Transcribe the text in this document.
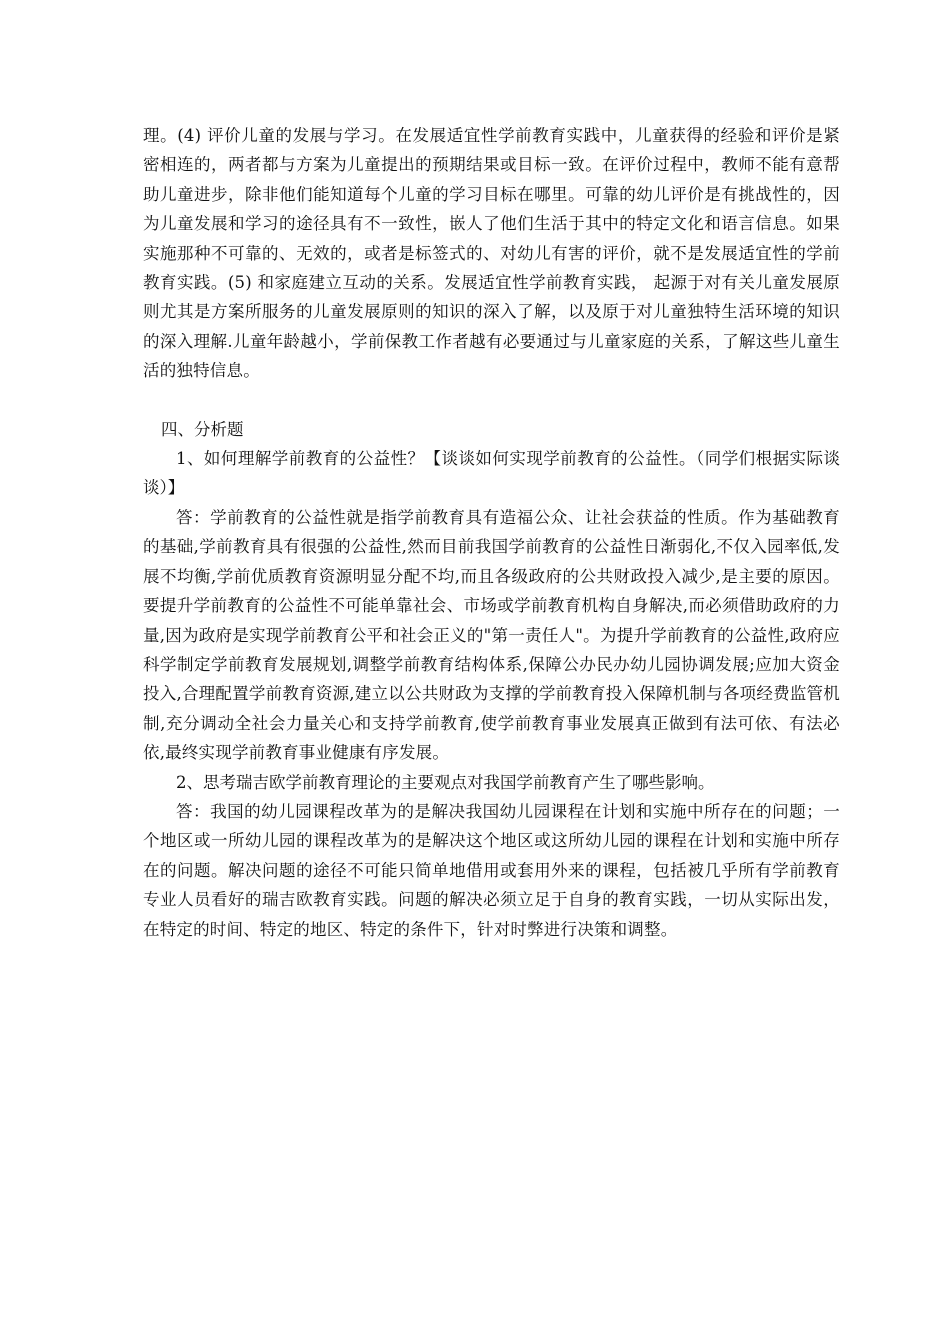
理。(4) 评价儿童的发展与学习。在发展适宜性学前教育实践中，儿童获得的经验和评价是紧密相连的，两者都与方案为儿童提出的预期结果或目标一致。在评价过程中，教师不能有意帮助儿童进步，除非他们能知道每个儿童的学习目标在哪里。可靠的幼儿评价是有挑战性的，因为儿童发展和学习的途径具有不一致性，嵌人了他们生活于其中的特定文化和语言信息。如果实施那种不可靠的、无效的，或者是标签式的、对幼儿有害的评价，就不是发展适宜性的学前教育实践。(5) 和家庭建立互动的关系。发展适宜性学前教育实践， 起源于对有关儿童发展原则尤其是方案所服务的儿童发展原则的知识的深入了解，以及原于对儿童独特生活环境的知识的深入理解.儿童年龄越小，学前保教工作者越有必要通过与儿童家庭的关系，了解这些儿童生活的独特信息。

四、分析题

1、如何理解学前教育的公益性？【谈谈如何实现学前教育的公益性。（同学们根据实际谈谈）】

答：学前教育的公益性就是指学前教育具有造福公众、让社会获益的性质。作为基础教育的基础,学前教育具有很强的公益性,然而目前我国学前教育的公益性日渐弱化,不仅入园率低,发展不均衡,学前优质教育资源明显分配不均,而且各级政府的公共财政投入减少,是主要的原因。要提升学前教育的公益性不可能单靠社会、市场或学前教育机构自身解决,而必须借助政府的力量,因为政府是实现学前教育公平和社会正义的"第一责任人"。为提升学前教育的公益性,政府应科学制定学前教育发展规划,调整学前教育结构体系,保障公办民办幼儿园协调发展;应加大资金投入,合理配置学前教育资源,建立以公共财政为支撑的学前教育投入保障机制与各项经费监管机制,充分调动全社会力量关心和支持学前教育,使学前教育事业发展真正做到有法可依、有法必依,最终实现学前教育事业健康有序发展。

2、思考瑞吉欧学前教育理论的主要观点对我国学前教育产生了哪些影响。

答：我国的幼儿园课程改革为的是解决我国幼儿园课程在计划和实施中所存在的问题；一个地区或一所幼儿园的课程改革为的是解决这个地区或这所幼儿园的课程在计划和实施中所存在的问题。解决问题的途径不可能只简单地借用或套用外来的课程，包括被几乎所有学前教育专业人员看好的瑞吉欧教育实践。问题的解决必须立足于自身的教育实践，一切从实际出发，在特定的时间、特定的地区、特定的条件下，针对时弊进行决策和调整。
